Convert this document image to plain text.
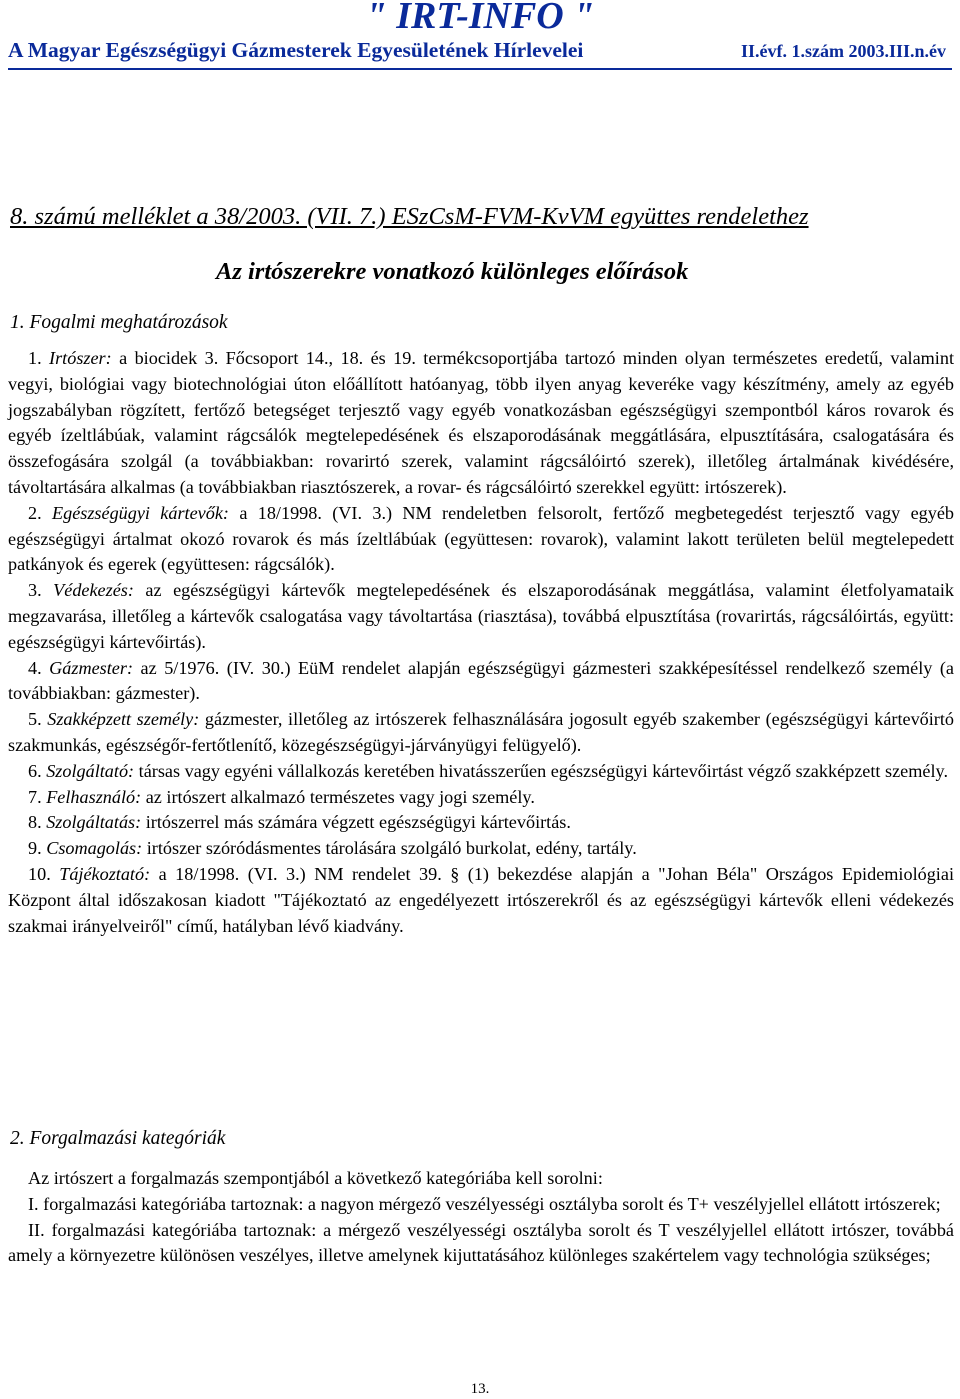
" IRT-INFO "
A Magyar Egészségügyi Gázmesterek Egyesületének Hírlevelei	II.évf. 1.szám 2003.III.n.év
8. számú melléklet a 38/2003. (VII. 7.) ESzCsM-FVM-KvVM együttes rendelethez
Az irtószerekre vonatkozó különleges előírások
1. Fogalmi meghatározások

1. Irtószer: a biocidek 3. Főcsoport 14., 18. és 19. termékcsoportjába tartozó minden olyan természetes eredetű, valamint vegyi, biológiai vagy biotechnológiai úton előállított hatóanyag, több ilyen anyag keveréke vagy készítmény, amely az egyéb jogszabályban rögzített, fertőző betegséget terjesztő vagy egyéb vonatkozásban egészségügyi szempontból káros rovarok és egyéb ízeltlábúak, valamint rágcsálók megtelepedésének és elszaporodásának meggátlására, elpusztítására, csalogatására és összefogására szolgál (a továbbiakban: rovarirtó szerek, valamint rágcsálóirtó szerek), illetőleg ártalmának kivédésére, távoltartására alkalmas (a továbbiakban riasztószerek, a rovar- és rágcsálóirtó szerekkel együtt: irtószerek).

2. Egészségügyi kártevők: a 18/1998. (VI. 3.) NM rendeletben felsorolt, fertőző megbetegedést terjesztő vagy egyéb egészségügyi ártalmat okozó rovarok és más ízeltlábúak (együttesen: rovarok), valamint lakott területen belül megtelepedett patkányok és egerek (együttesen: rágcsálók).

3. Védekezés: az egészségügyi kártevők megtelepedésének és elszaporodásának meggátlása, valamint életfolyamataik megzavarása, illetőleg a kártevők csalogatása vagy távoltartása (riasztása), továbbá elpusztítása (rovarirtás, rágcsálóirtás, együtt: egészségügyi kártevőirtás).

4. Gázmester: az 5/1976. (IV. 30.) EüM rendelet alapján egészségügyi gázmesteri szakképesítéssel rendelkező személy (a továbbiakban: gázmester).

5. Szakképzett személy: gázmester, illetőleg az irtószerek felhasználására jogosult egyéb szakember (egészségügyi kártevőirtó szakmunkás, egészségőr-fertőtlenítő, közegészségügyi-járványügyi felügyelő).

6. Szolgáltató: társas vagy egyéni vállalkozás keretében hivatásszerűen egészségügyi kártevőirtást végző szakképzett személy.

7. Felhasználó: az irtószert alkalmazó természetes vagy jogi személy.

8. Szolgáltatás: irtószerrel más számára végzett egészségügyi kártevőirtás.

9. Csomagolás: irtószer szóródásmentes tárolására szolgáló burkolat, edény, tartály.

10. Tájékoztató: a 18/1998. (VI. 3.) NM rendelet 39. § (1) bekezdése alapján a "Johan Béla" Országos Epidemiológiai Központ által időszakosan kiadott "Tájékoztató az engedélyezett irtószerekről és az egészségügyi kártevők elleni védekezés szakmai irányelveiről" című, hatályban lévő kiadvány.

2. Forgalmazási kategóriák

Az irtószert a forgalmazás szempontjából a következő kategóriába kell sorolni:

I. forgalmazási kategóriába tartoznak: a nagyon mérgező veszélyességi osztályba sorolt és T+ veszélyjellel ellátott irtószerek;

II. forgalmazási kategóriába tartoznak: a mérgező veszélyességi osztályba sorolt és T veszélyjellel ellátott irtószer, továbbá amely a környezetre különösen veszélyes, illetve amelynek kijuttatásához különleges szakértelem vagy technológia szükséges;

13.
